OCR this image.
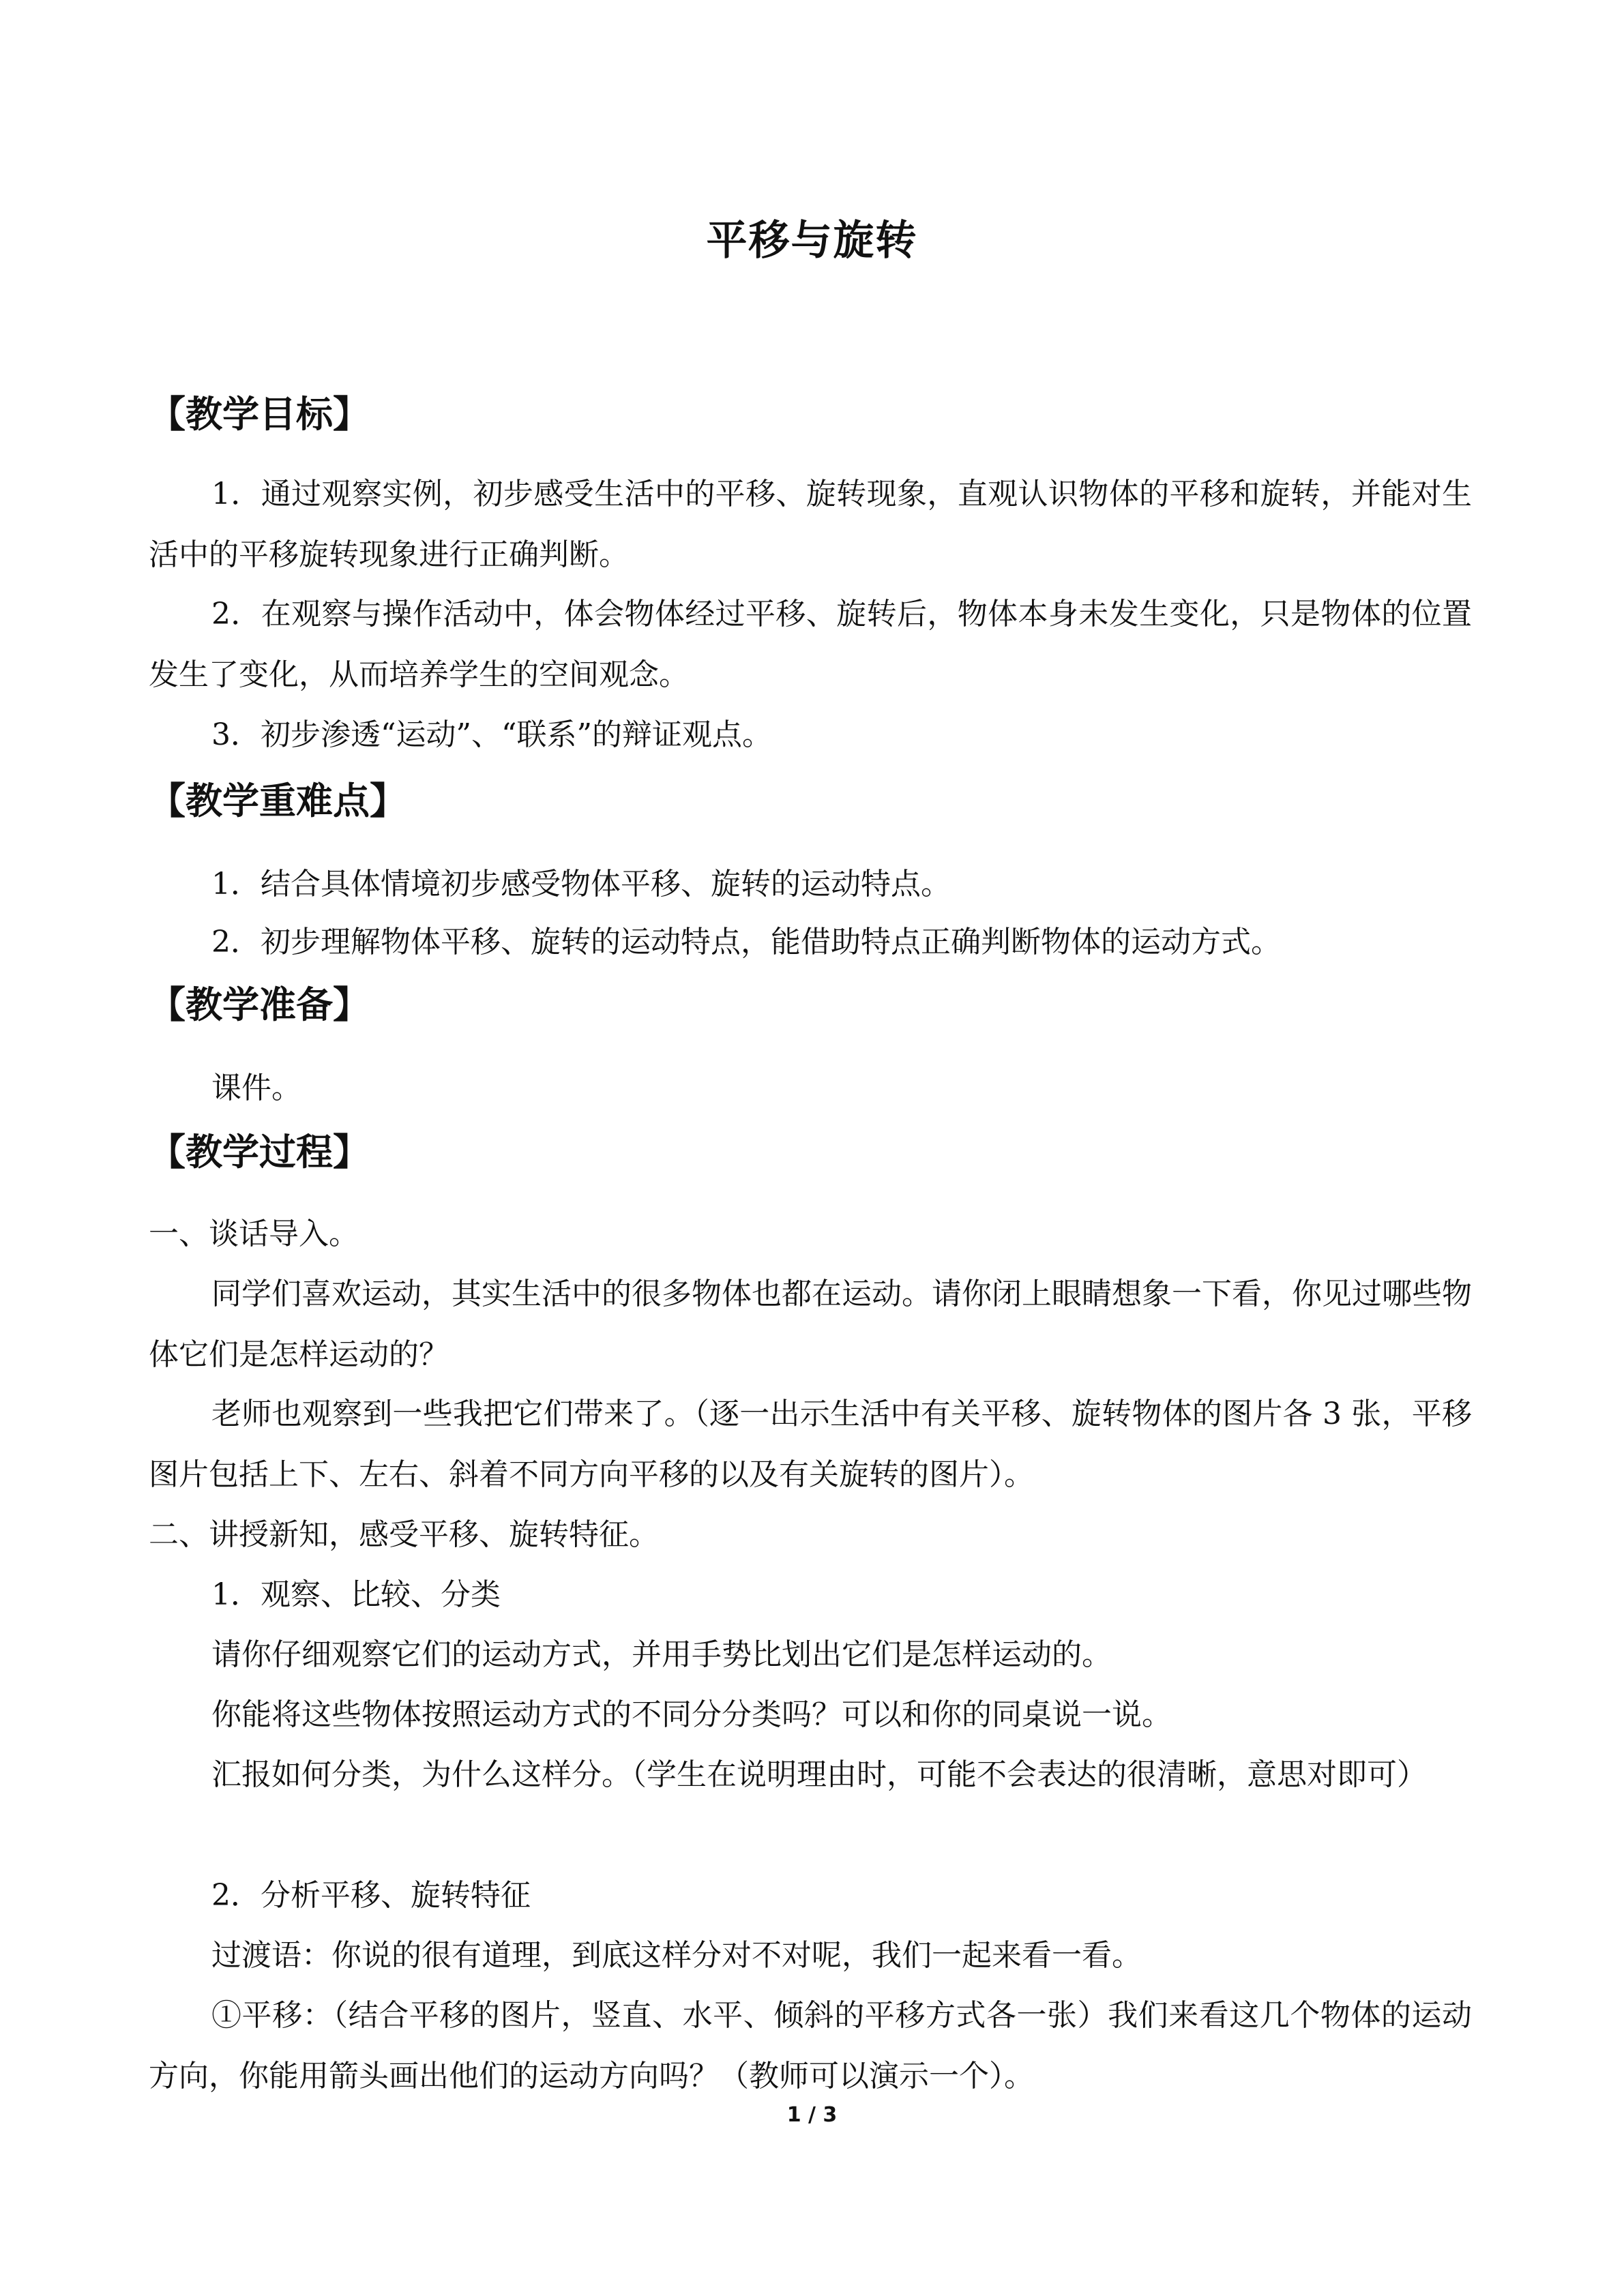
平移与旋转
【教学目标】
1．通过观察实例，初步感受生活中的平移、旋转现象，直观认识物体的平移和旋转，并能对生活中的平移旋转现象进行正确判断。
2．在观察与操作活动中，体会物体经过平移、旋转后，物体本身未发生变化，只是物体的位置发生了变化，从而培养学生的空间观念。
3．初步渗透“运动”、“联系”的辩证观点。
【教学重难点】
1．结合具体情境初步感受物体平移、旋转的运动特点。
2．初步理解物体平移、旋转的运动特点，能借助特点正确判断物体的运动方式。
【教学准备】
课件。
【教学过程】
一、谈话导入。
同学们喜欢运动，其实生活中的很多物体也都在运动。请你闭上眼睛想象一下看，你见过哪些物体它们是怎样运动的？
老师也观察到一些我把它们带来了。（逐一出示生活中有关平移、旋转物体的图片各 3 张，平移图片包括上下、左右、斜着不同方向平移的以及有关旋转的图片）。
二、讲授新知，感受平移、旋转特征。
1．观察、比较、分类
请你仔细观察它们的运动方式，并用手势比划出它们是怎样运动的。
你能将这些物体按照运动方式的不同分分类吗？可以和你的同桌说一说。
汇报如何分类，为什么这样分。（学生在说明理由时，可能不会表达的很清晰，意思对即可）
2．分析平移、旋转特征
过渡语：你说的很有道理，到底这样分对不对呢，我们一起来看一看。
①平移：（结合平移的图片，竖直、水平、倾斜的平移方式各一张）我们来看这几个物体的运动方向，你能用箭头画出他们的运动方向吗？（教师可以演示一个）。
1 / 3
